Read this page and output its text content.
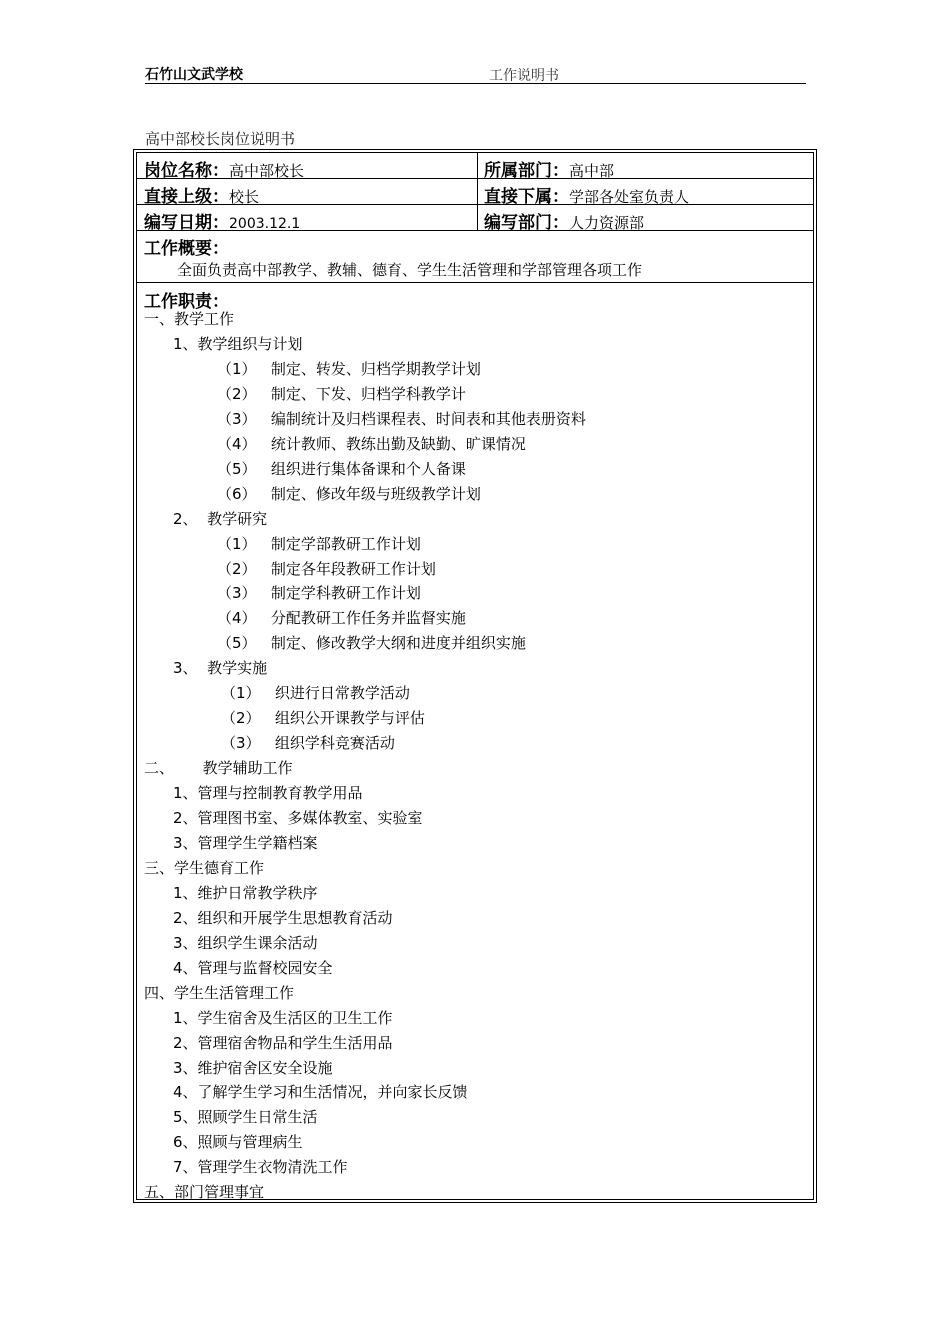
石竹山文武学校	工作说明书
高中部校长岗位说明书
岗位名称：高中部校长	所属部门：高中部
直接上级：校长	直接下属：学部各处室负责人
编写日期：2003.12.1	编写部门：人力资源部
工作概要：
全面负责高中部教学、教辅、德育、学生生活管理和学部管理各项工作
工作职责：
一、教学工作
1、教学组织与计划
（1）   制定、转发、归档学期教学计划
（2）   制定、下发、归档学科教学计
（3）   编制统计及归档课程表、时间表和其他表册资料
（4）   统计教师、教练出勤及缺勤、旷课情况
（5）   组织进行集体备课和个人备课
（6）   制定、修改年级与班级教学计划
2、  教学研究
（1）   制定学部教研工作计划
（2）   制定各年段教研工作计划
（3）   制定学科教研工作计划
（4）   分配教研工作任务并监督实施
（5）   制定、修改教学大纲和进度并组织实施
3、  教学实施
（1）   织进行日常教学活动
（2）   组织公开课教学与评估
（3）   组织学科竞赛活动
二、      教学辅助工作
1、管理与控制教育教学用品
2、管理图书室、多媒体教室、实验室
3、管理学生学籍档案
三、学生德育工作
1、维护日常教学秩序
2、组织和开展学生思想教育活动
3、组织学生课余活动
4、管理与监督校园安全
四、学生生活管理工作
1、学生宿舍及生活区的卫生工作
2、管理宿舍物品和学生生活用品
3、维护宿舍区安全设施
4、了解学生学习和生活情况，并向家长反馈
5、照顾学生日常生活
6、照顾与管理病生
7、管理学生衣物清洗工作
五、部门管理事宜
